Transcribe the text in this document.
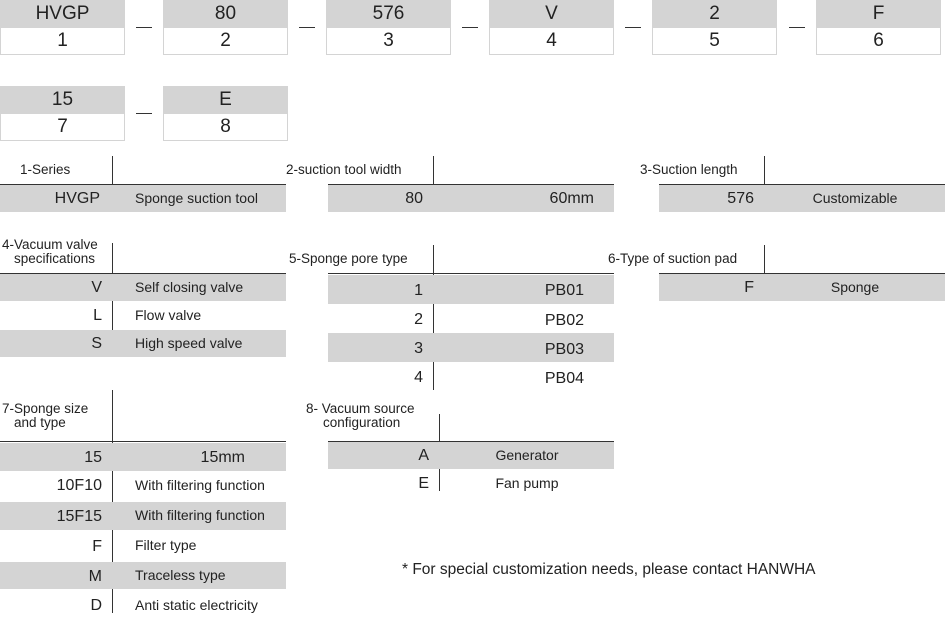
HVGP
1
80
2
576
3
V
4
2
5
F
6
15
7
E
8
1-Series
HVGP	Sponge suction tool
2-suction tool width
80	60mm
3-Suction length
576	Customizable
4-Vacuum valve
specifications
V Self closing valve
L Flow valve
S High speed valve
5-Sponge pore type
1	PB01
2	PB02
3	PB03
4	PB04
6-Type of suction pad
F	Sponge
7-Sponge size
and type
15	15mm
10F10 With filtering function
15F15 With filtering function
F Filter type
M Traceless type
D Anti static electricity
8- Vacuum source
configuration
A	Generator
E	Fan pump
* For special customization needs, please contact HANWHA
